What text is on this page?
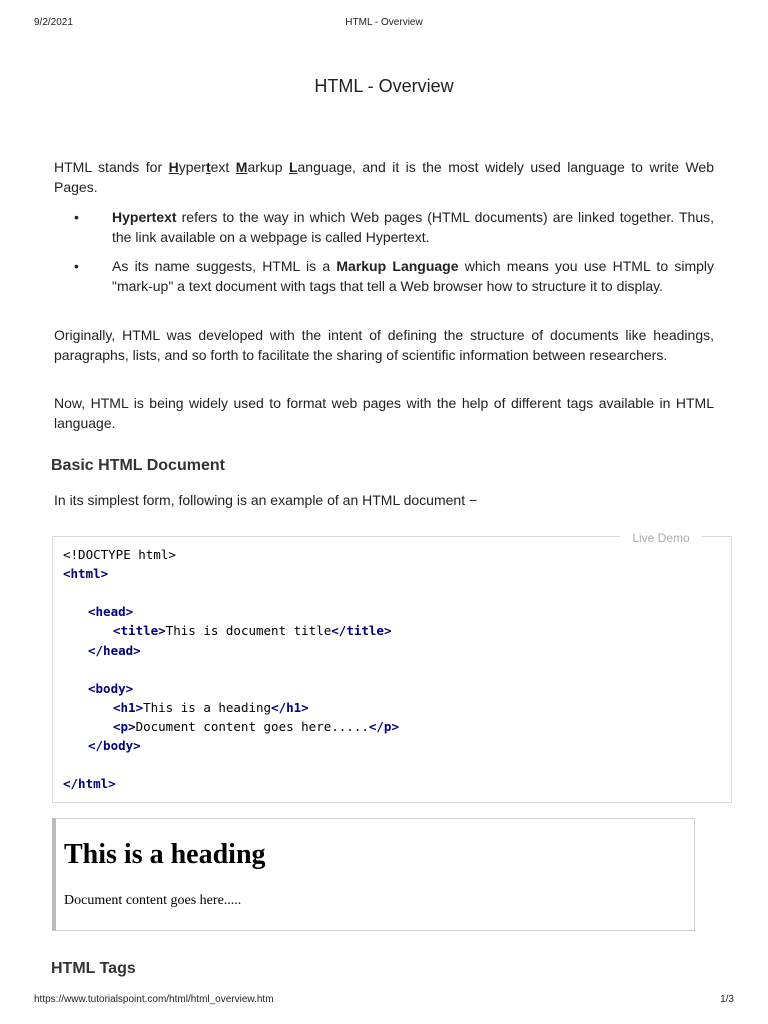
9/2/2021	HTML - Overview
HTML - Overview

HTML stands for Hypertext Markup Language, and it is the most widely used language to write Web Pages.

• Hypertext refers to the way in which Web pages (HTML documents) are linked together. Thus, the link available on a webpage is called Hypertext.
• As its name suggests, HTML is a Markup Language which means you use HTML to simply "mark-up" a text document with tags that tell a Web browser how to structure it to display.

Originally, HTML was developed with the intent of defining the structure of documents like headings, paragraphs, lists, and so forth to facilitate the sharing of scientific information between researchers.

Now, HTML is being widely used to format web pages with the help of different tags available in HTML language.

Basic HTML Document

In its simplest form, following is an example of an HTML document −

HTML Tags
<!DOCTYPE html>
<html>
<head>
<title>This is document title</title>
</head>
<body>
<h1>This is a heading</h1>
<p>Document content goes here.....</p>
</body>
</html>
Live Demo
This is a heading
Document content goes here.....
https://www.tutorialspoint.com/html/html_overview.htm	1/3
